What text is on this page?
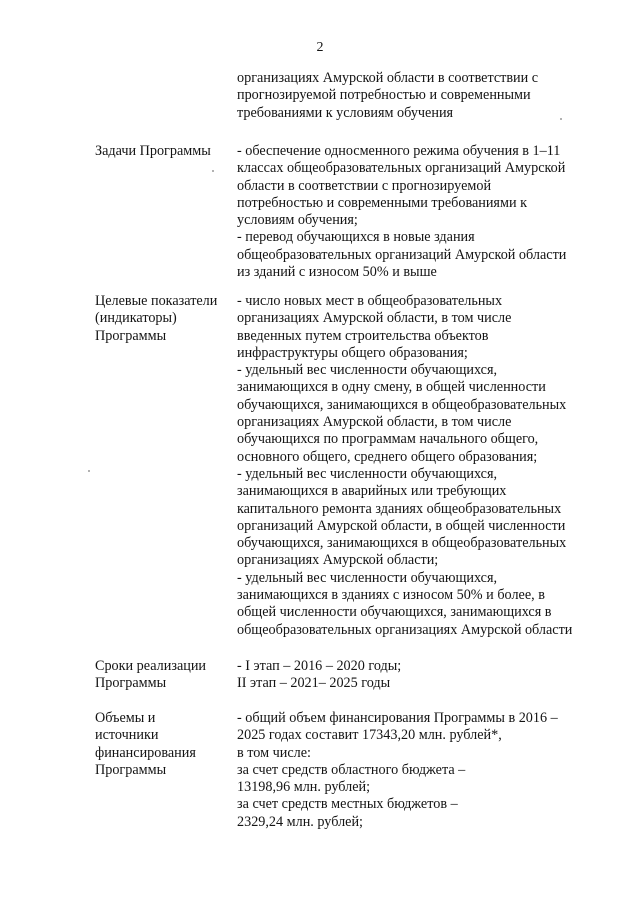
2
организациях Амурской области в соответствии с
прогнозируемой потребностью и современными
требованиями к условиям обучения
Задачи Программы	- обеспечение односменного режима обучения в 1–11
классах общеобразовательных организаций Амурской
области в соответствии с прогнозируемой
потребностью и современными требованиями к
условиям обучения;
- перевод обучающихся в новые здания
общеобразовательных организаций Амурской области
из зданий с износом 50% и выше
Целевые показатели
(индикаторы)
Программы
- число новых мест в общеобразовательных
организациях Амурской области, в том числе
введенных путем строительства объектов
инфраструктуры общего образования;
- удельный вес численности обучающихся,
занимающихся в одну смену, в общей численности
обучающихся, занимающихся в общеобразовательных
организациях Амурской области, в том числе
обучающихся по программам начального общего,
основного общего, среднего общего образования;
- удельный вес численности обучающихся,
занимающихся в аварийных или требующих
капитального ремонта зданиях общеобразовательных
организаций Амурской области, в общей численности
обучающихся, занимающихся в общеобразовательных
организациях Амурской области;
- удельный вес численности обучающихся,
занимающихся в зданиях с износом 50% и более, в
общей численности обучающихся, занимающихся в
общеобразовательных организациях Амурской области
Сроки реализации
Программы
- I этап – 2016 – 2020 годы;
II этап – 2021– 2025 годы
Объемы и
источники
финансирования
Программы
- общий объем финансирования Программы в 2016 –
2025 годах составит 17343,20 млн. рублей*,
в том числе:
за счет средств областного бюджета –
13198,96 млн. рублей;
за счет средств местных бюджетов –
2329,24 млн. рублей;
